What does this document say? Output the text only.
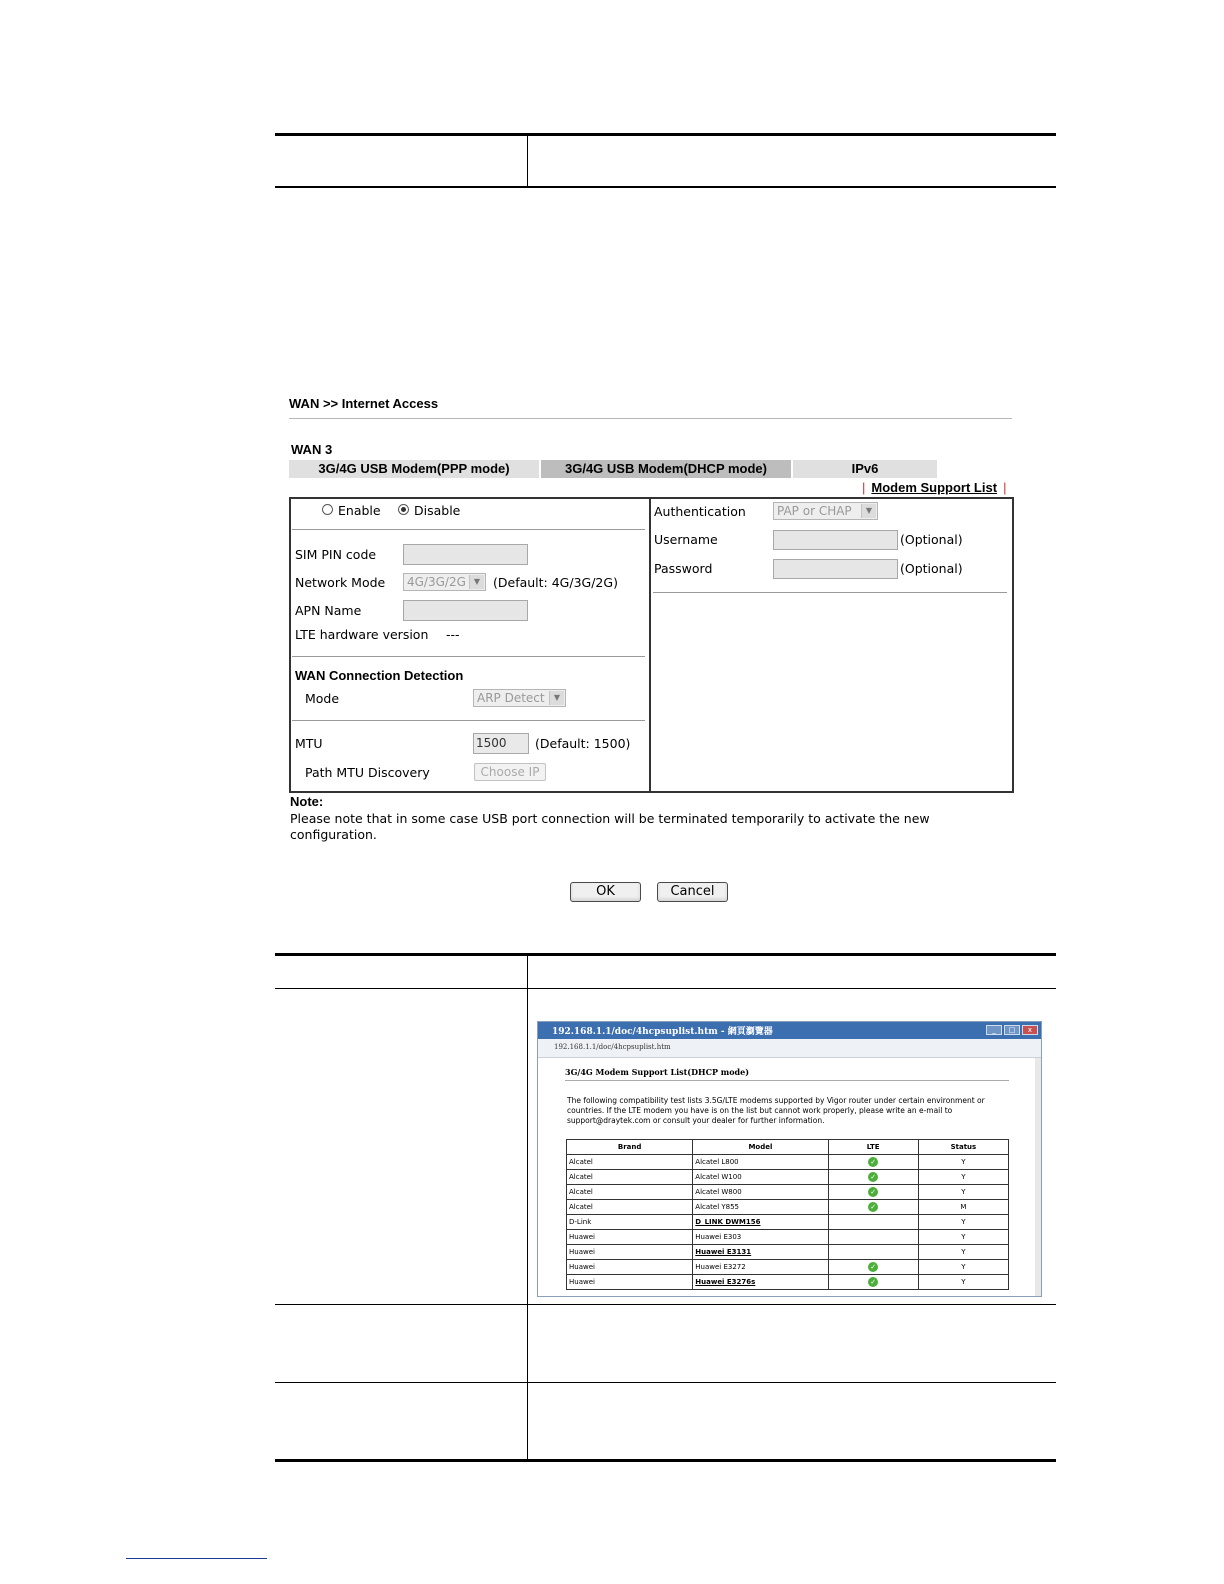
WAN >> Internet Access
WAN 3
3G/4G USB Modem(PPP mode)	3G/4G USB Modem(DHCP mode)	IPv6
| Modem Support List |
Enable	Disable
SIM PIN code
Network Mode	4G/3G/2G	▼	(Default: 4G/3G/2G)
APN Name
LTE hardware version ---
WAN Connection Detection
Mode	ARP Detect	▼
MTU	1500	(Default: 1500)
Path MTU Discovery	Choose IP
Authentication	PAP or CHAP	▼
Username	(Optional)
Password	(Optional)
Note:
Please note that in some case USB port connection will be terminated temporarily to activate the new configuration.
OK	Cancel
192.168.1.1/doc/4hcpsuplist.htm - 網頁瀏覽器	_	□	x
192.168.1.1/doc/4hcpsuplist.htm
3G/4G Modem Support List(DHCP mode)
The following compatibility test lists 3.5G/LTE modems supported by Vigor router under certain environment or countries. If the LTE modem you have is on the list but cannot work properly, please write an e-mail to support@draytek.com or consult your dealer for further information.
Brand	Model	LTE	Status
Alcatel	Alcatel L800	✓	Y
Alcatel	Alcatel W100	✓	Y
Alcatel	Alcatel W800	✓	Y
Alcatel	Alcatel Y855	✓	M
D-Link	D_LINK DWM156		Y
Huawei	Huawei E303		Y
Huawei	Huawei E3131		Y
Huawei	Huawei E3272	✓	Y
Huawei	Huawei E3276s	✓	Y
